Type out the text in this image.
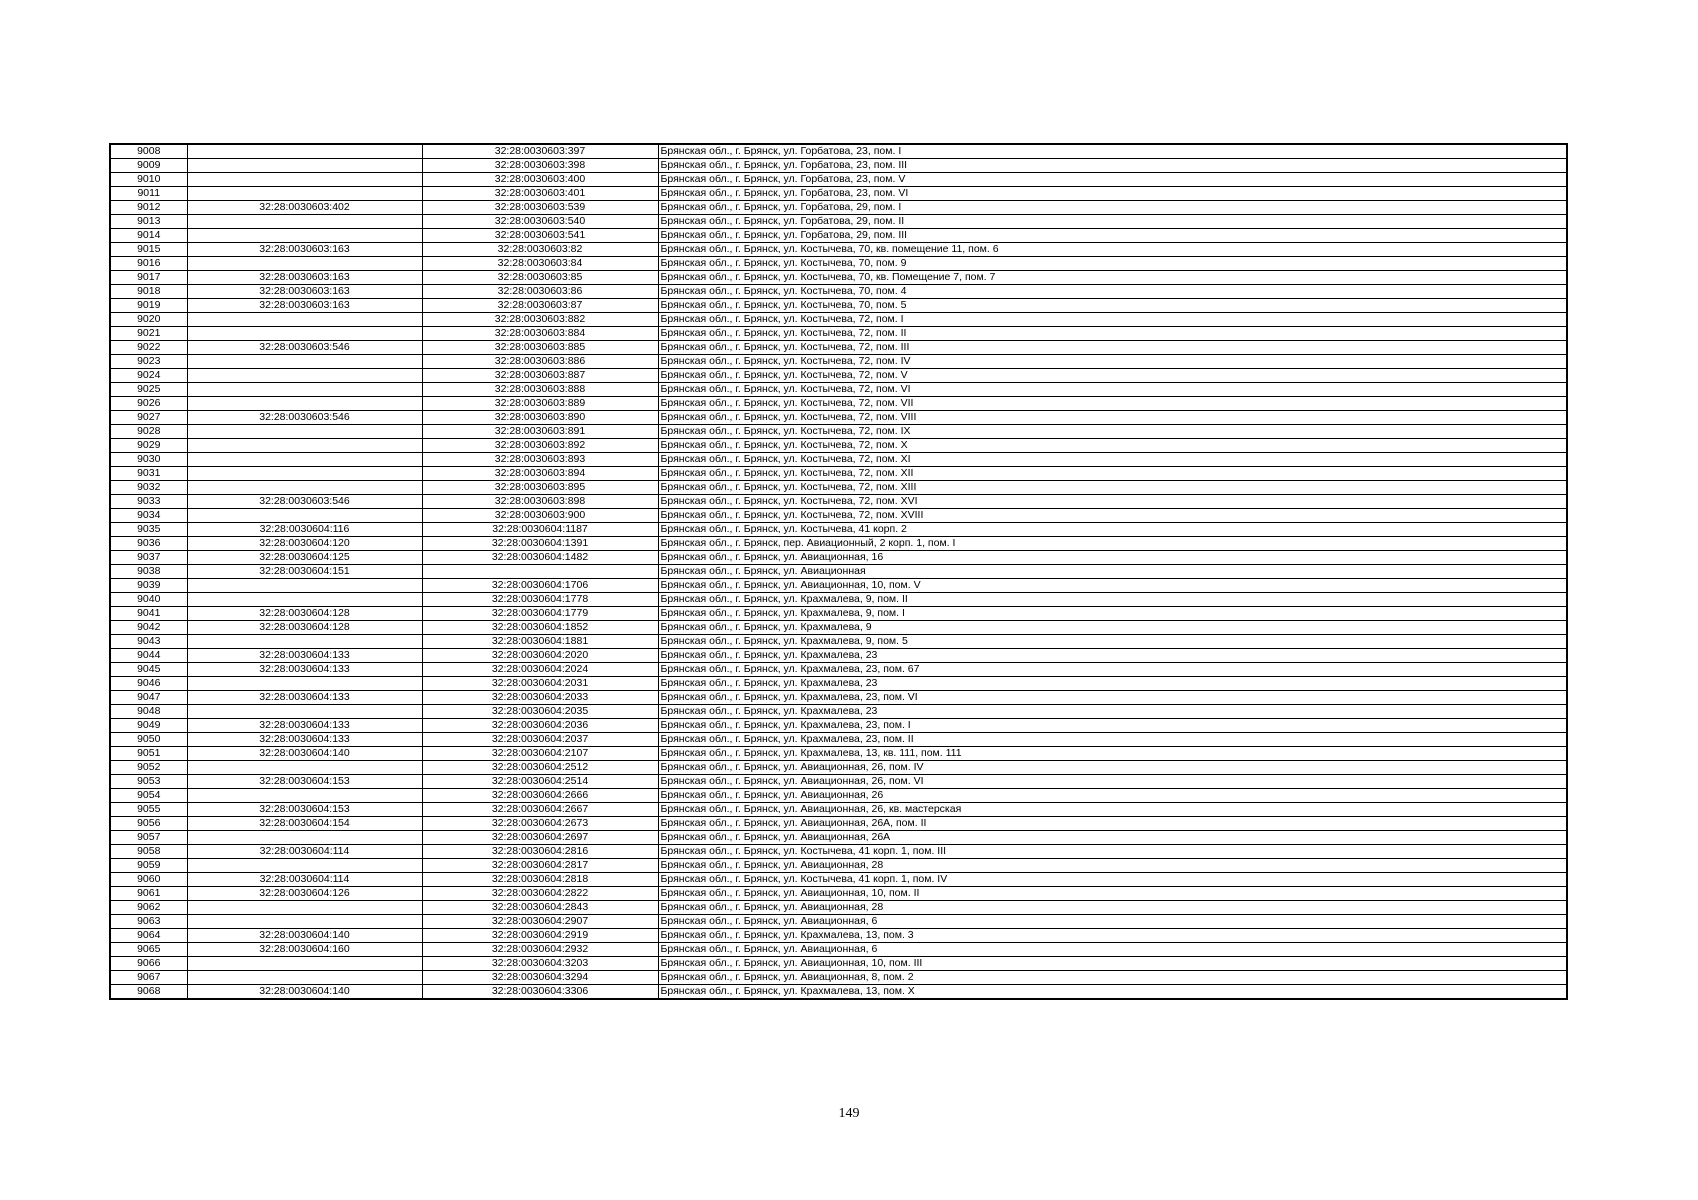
9008		32:28:0030603:397	Брянская обл., г. Брянск, ул. Горбатова, 23, пом. I
9009		32:28:0030603:398	Брянская обл., г. Брянск, ул. Горбатова, 23, пом. III
9010		32:28:0030603:400	Брянская обл., г. Брянск, ул. Горбатова, 23, пом. V
9011		32:28:0030603:401	Брянская обл., г. Брянск, ул. Горбатова, 23, пом. VI
9012	32:28:0030603:402	32:28:0030603:539	Брянская обл., г. Брянск, ул. Горбатова, 29, пом. I
9013		32:28:0030603:540	Брянская обл., г. Брянск, ул. Горбатова, 29, пом. II
9014		32:28:0030603:541	Брянская обл., г. Брянск, ул. Горбатова, 29, пом. III
9015	32:28:0030603:163	32:28:0030603:82	Брянская обл., г. Брянск, ул. Костычева, 70, кв. помещение 11, пом. 6
9016		32:28:0030603:84	Брянская обл., г. Брянск, ул. Костычева, 70, пом. 9
9017	32:28:0030603:163	32:28:0030603:85	Брянская обл., г. Брянск, ул. Костычева, 70, кв. Помещение 7, пом. 7
9018	32:28:0030603:163	32:28:0030603:86	Брянская обл., г. Брянск, ул. Костычева, 70, пом. 4
9019	32:28:0030603:163	32:28:0030603:87	Брянская обл., г. Брянск, ул. Костычева, 70, пом. 5
9020		32:28:0030603:882	Брянская обл., г. Брянск, ул. Костычева, 72, пом. I
9021		32:28:0030603:884	Брянская обл., г. Брянск, ул. Костычева, 72, пом. II
9022	32:28:0030603:546	32:28:0030603:885	Брянская обл., г. Брянск, ул. Костычева, 72, пом. III
9023		32:28:0030603:886	Брянская обл., г. Брянск, ул. Костычева, 72, пом. IV
9024		32:28:0030603:887	Брянская обл., г. Брянск, ул. Костычева, 72, пом. V
9025		32:28:0030603:888	Брянская обл., г. Брянск, ул. Костычева, 72, пом. VI
9026		32:28:0030603:889	Брянская обл., г. Брянск, ул. Костычева, 72, пом. VII
9027	32:28:0030603:546	32:28:0030603:890	Брянская обл., г. Брянск, ул. Костычева, 72, пом. VIII
9028		32:28:0030603:891	Брянская обл., г. Брянск, ул. Костычева, 72, пом. IX
9029		32:28:0030603:892	Брянская обл., г. Брянск, ул. Костычева, 72, пом. X
9030		32:28:0030603:893	Брянская обл., г. Брянск, ул. Костычева, 72, пом. XI
9031		32:28:0030603:894	Брянская обл., г. Брянск, ул. Костычева, 72, пом. XII
9032		32:28:0030603:895	Брянская обл., г. Брянск, ул. Костычева, 72, пом. XIII
9033	32:28:0030603:546	32:28:0030603:898	Брянская обл., г. Брянск, ул. Костычева, 72, пом. XVI
9034		32:28:0030603:900	Брянская обл., г. Брянск, ул. Костычева, 72, пом. XVIII
9035	32:28:0030604:116	32:28:0030604:1187	Брянская обл., г. Брянск, ул. Костычева, 41 корп. 2
9036	32:28:0030604:120	32:28:0030604:1391	Брянская обл., г. Брянск, пер. Авиационный, 2 корп. 1, пом. I
9037	32:28:0030604:125	32:28:0030604:1482	Брянская обл., г. Брянск, ул. Авиационная, 16
9038	32:28:0030604:151		Брянская обл., г. Брянск, ул. Авиационная
9039		32:28:0030604:1706	Брянская обл., г. Брянск, ул. Авиационная, 10, пом. V
9040		32:28:0030604:1778	Брянская обл., г. Брянск, ул. Крахмалева, 9, пом. II
9041	32:28:0030604:128	32:28:0030604:1779	Брянская обл., г. Брянск, ул. Крахмалева, 9, пом. I
9042	32:28:0030604:128	32:28:0030604:1852	Брянская обл., г. Брянск, ул. Крахмалева, 9
9043		32:28:0030604:1881	Брянская обл., г. Брянск, ул. Крахмалева, 9, пом. 5
9044	32:28:0030604:133	32:28:0030604:2020	Брянская обл., г. Брянск, ул. Крахмалева, 23
9045	32:28:0030604:133	32:28:0030604:2024	Брянская обл., г. Брянск, ул. Крахмалева, 23, пом. 67
9046		32:28:0030604:2031	Брянская обл., г. Брянск, ул. Крахмалева, 23
9047	32:28:0030604:133	32:28:0030604:2033	Брянская обл., г. Брянск, ул. Крахмалева, 23, пом. VI
9048		32:28:0030604:2035	Брянская обл., г. Брянск, ул. Крахмалева, 23
9049	32:28:0030604:133	32:28:0030604:2036	Брянская обл., г. Брянск, ул. Крахмалева, 23, пом. I
9050	32:28:0030604:133	32:28:0030604:2037	Брянская обл., г. Брянск, ул. Крахмалева, 23, пом. II
9051	32:28:0030604:140	32:28:0030604:2107	Брянская обл., г. Брянск, ул. Крахмалева, 13, кв. 111, пом. 111
9052		32:28:0030604:2512	Брянская обл., г. Брянск, ул. Авиационная, 26, пом. IV
9053	32:28:0030604:153	32:28:0030604:2514	Брянская обл., г. Брянск, ул. Авиационная, 26, пом. VI
9054		32:28:0030604:2666	Брянская обл., г. Брянск, ул. Авиационная, 26
9055	32:28:0030604:153	32:28:0030604:2667	Брянская обл., г. Брянск, ул. Авиационная, 26, кв. мастерская
9056	32:28:0030604:154	32:28:0030604:2673	Брянская обл., г. Брянск, ул. Авиационная, 26А, пом. II
9057		32:28:0030604:2697	Брянская обл., г. Брянск, ул. Авиационная, 26А
9058	32:28:0030604:114	32:28:0030604:2816	Брянская обл., г. Брянск, ул. Костычева, 41 корп. 1, пом. III
9059		32:28:0030604:2817	Брянская обл., г. Брянск, ул. Авиационная, 28
9060	32:28:0030604:114	32:28:0030604:2818	Брянская обл., г. Брянск, ул. Костычева, 41 корп. 1, пом. IV
9061	32:28:0030604:126	32:28:0030604:2822	Брянская обл., г. Брянск, ул. Авиационная, 10, пом. II
9062		32:28:0030604:2843	Брянская обл., г. Брянск, ул. Авиационная, 28
9063		32:28:0030604:2907	Брянская обл., г. Брянск, ул. Авиационная, 6
9064	32:28:0030604:140	32:28:0030604:2919	Брянская обл., г. Брянск, ул. Крахмалева, 13, пом. 3
9065	32:28:0030604:160	32:28:0030604:2932	Брянская обл., г. Брянск, ул. Авиационная, 6
9066		32:28:0030604:3203	Брянская обл., г. Брянск, ул. Авиационная, 10, пом. III
9067		32:28:0030604:3294	Брянская обл., г. Брянск, ул. Авиационная, 8, пом. 2
9068	32:28:0030604:140	32:28:0030604:3306	Брянская обл., г. Брянск, ул. Крахмалева, 13, пом. X
149
